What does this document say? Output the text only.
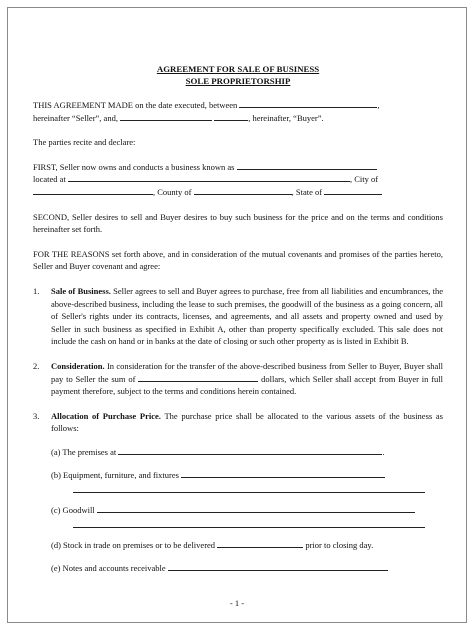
AGREEMENT FOR SALE OF BUSINESS
SOLE PROPRIETORSHIP

THIS AGREEMENT MADE on the date executed, between	,
hereinafter “Seller”, and,	, hereinafter, “Buyer”.

The parties recite and declare:

FIRST, Seller now owns and conducts a business known as
located at	, City of
, County of	, State of

SECOND, Seller desires to sell and Buyer desires to buy such business for the price and on the terms and conditions hereinafter set forth.

FOR THE REASONS set forth above, and in consideration of the mutual covenants and promises of the parties hereto, Seller and Buyer covenant and agree:

1. Sale of Business. Seller agrees to sell and Buyer agrees to purchase, free from all liabilities and encumbrances, the above-described business, including the lease to such premises, the goodwill of the business as a going concern, all of Seller's rights under its contracts, licenses, and agreements, and all assets and property owned and used by Seller in such business as specified in Exhibit A, other than property specifically excluded. This sale does not include the cash on hand or in banks at the date of closing or such other property as is listed in Exhibit B.
2. Consideration. In consideration for the transfer of the above-described business from Seller to Buyer, Buyer shall pay to Seller the sum of	dollars, which Seller shall accept from Buyer in full payment therefore, subject to the terms and conditions herein contained.
3. Allocation of Purchase Price. The purchase price shall be allocated to the various assets of the business as follows:

(a) The premises at	.

(b) Equipment, furniture, and fixtures

(c) Goodwill

(d) Stock in trade on premises or to be delivered	prior to closing day.

(e) Notes and accounts receivable

- 1 -
